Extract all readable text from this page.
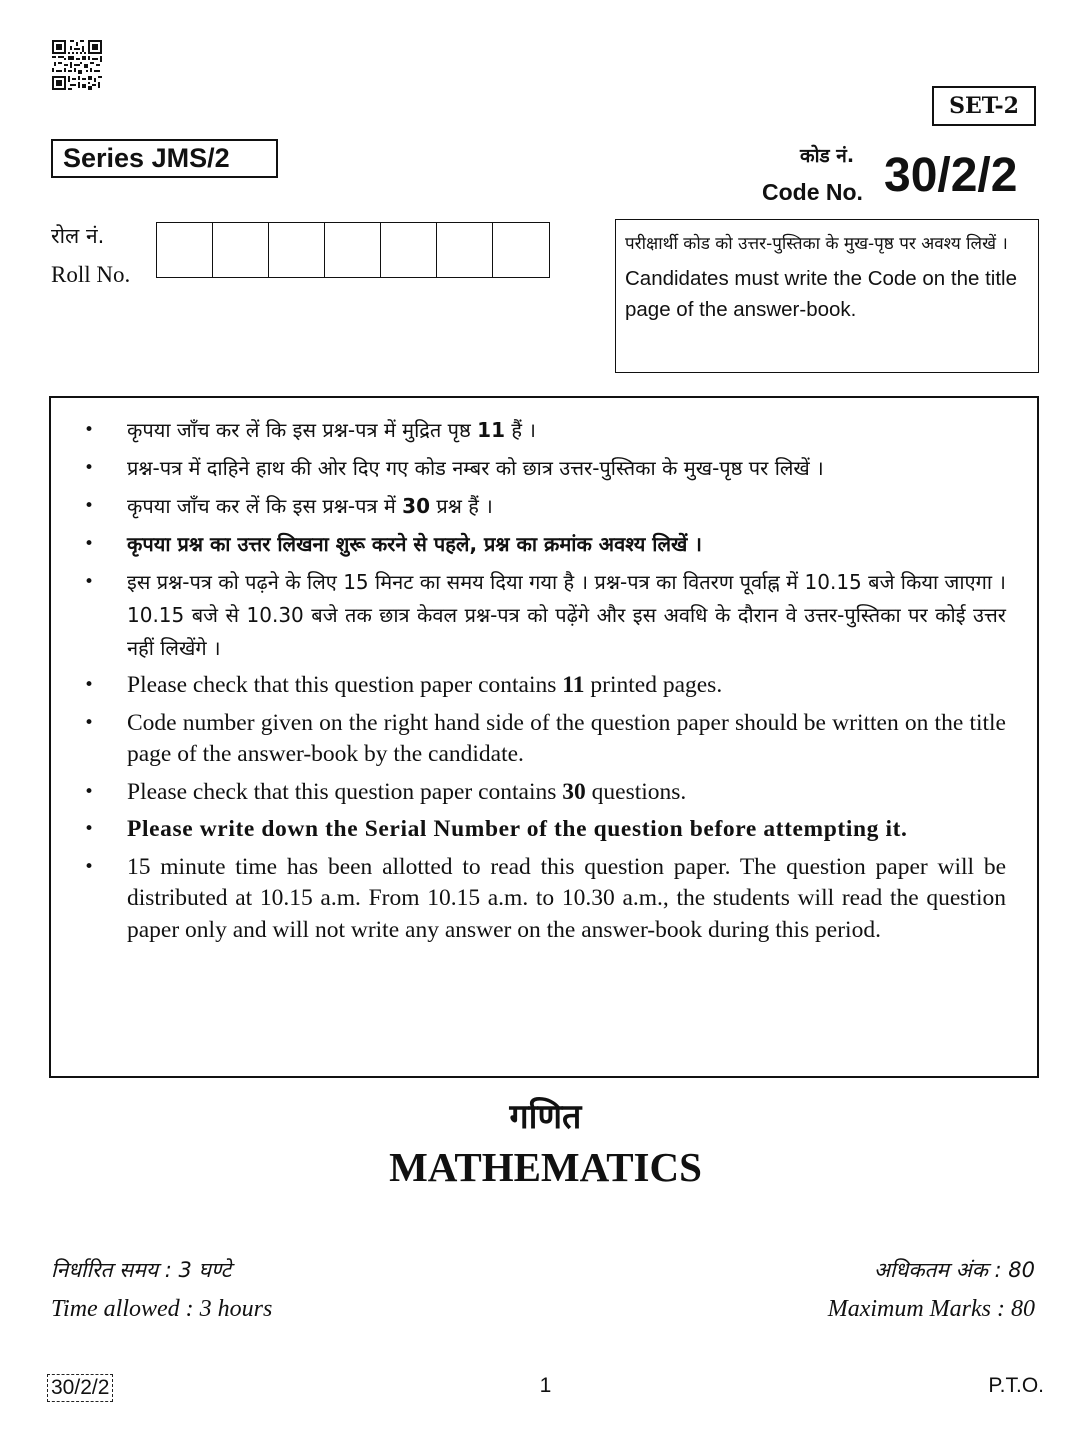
SET-2
Series JMS/2	कोड नं.
Code No. 30/2/2
रोल नं.
Roll No.
परीक्षार्थी कोड को उत्तर-पुस्तिका के मुख-पृष्ठ पर अवश्य लिखें ।
Candidates must write the Code on the title page of the answer-book.
• कृपया जाँच कर लें कि इस प्रश्न-पत्र में मुद्रित पृष्ठ 11 हैं ।
• प्रश्न-पत्र में दाहिने हाथ की ओर दिए गए कोड नम्बर को छात्र उत्तर-पुस्तिका के मुख-पृष्ठ पर लिखें ।
• कृपया जाँच कर लें कि इस प्रश्न-पत्र में 30 प्रश्न हैं ।
• कृपया प्रश्न का उत्तर लिखना शुरू करने से पहले, प्रश्न का क्रमांक अवश्य लिखें ।
• इस प्रश्न-पत्र को पढ़ने के लिए 15 मिनट का समय दिया गया है । प्रश्न-पत्र का वितरण पूर्वाह्न में 10.15 बजे किया जाएगा । 10.15 बजे से 10.30 बजे तक छात्र केवल प्रश्न-पत्र को पढ़ेंगे और इस अवधि के दौरान वे उत्तर-पुस्तिका पर कोई उत्तर नहीं लिखेंगे ।
• Please check that this question paper contains 11 printed pages.
• Code number given on the right hand side of the question paper should be written on the title page of the answer-book by the candidate.
• Please check that this question paper contains 30 questions.
• Please write down the Serial Number of the question before attempting it.
• 15 minute time has been allotted to read this question paper. The question paper will be distributed at 10.15 a.m. From 10.15 a.m. to 10.30 a.m., the students will read the question paper only and will not write any answer on the answer-book during this period.
गणित
MATHEMATICS
निर्धारित समय : 3 घण्टे
Time allowed : 3 hours
अधिकतम अंक : 80
Maximum Marks : 80
30/2/2	1	P.T.O.
